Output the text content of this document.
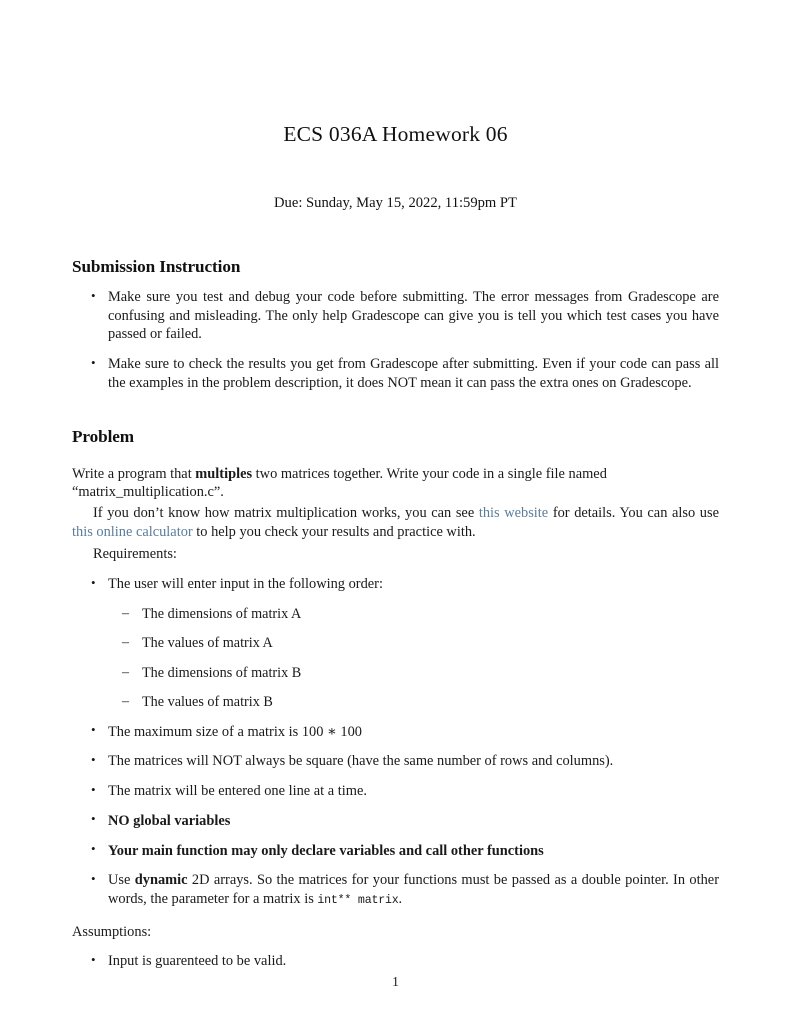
ECS 036A Homework 06

Due: Sunday, May 15, 2022, 11:59pm PT

Submission Instruction
• Make sure you test and debug your code before submitting. The error messages from Gradescope are confusing and misleading. The only help Gradescope can give you is tell you which test cases you have passed or failed.
• Make sure to check the results you get from Gradescope after submitting. Even if your code can pass all the examples in the problem description, it does NOT mean it can pass the extra ones on Gradescope.
Problem

Write a program that multiples two matrices together. Write your code in a single file named “matrix_multiplication.c”.

If you don’t know how matrix multiplication works, you can see this website for details. You can also use this online calculator to help you check your results and practice with.

Requirements:

• The user will enter input in the following order:
– The dimensions of matrix A
– The values of matrix A
– The dimensions of matrix B
– The values of matrix B
• The maximum size of a matrix is 100 ∗ 100
• The matrices will NOT always be square (have the same number of rows and columns).
• The matrix will be entered one line at a time.
• NO global variables
• Your main function may only declare variables and call other functions
• Use dynamic 2D arrays. So the matrices for your functions must be passed as a double pointer. In other words, the parameter for a matrix is int** matrix.

Assumptions:

• Input is guarenteed to be valid.
1
